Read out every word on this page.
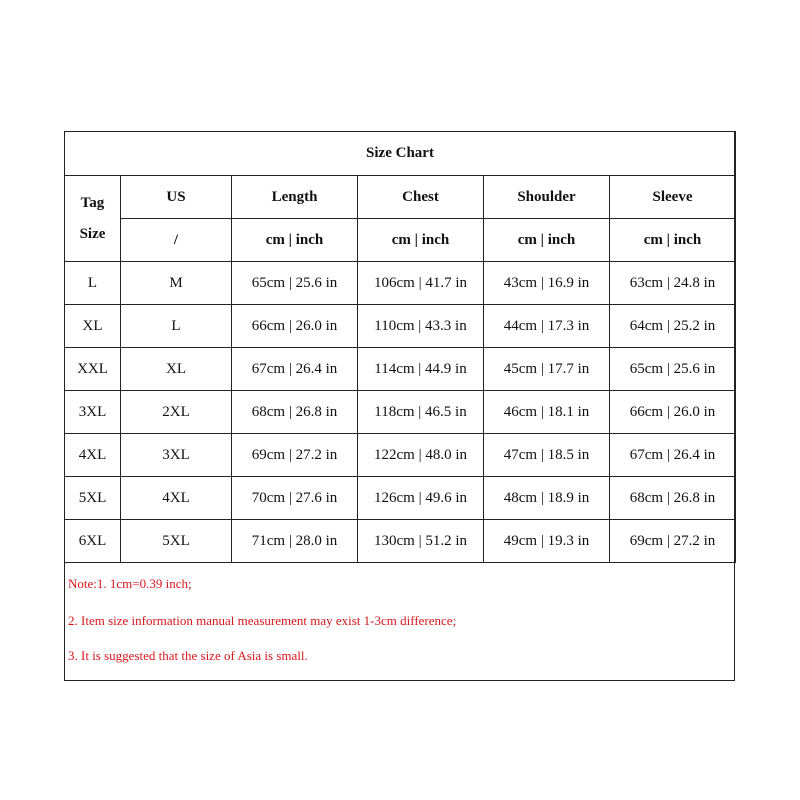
Size Chart					

Tag
Size	US	Length	Chest	Shoulder	Sleeve
	/	cm | inch	cm | inch	cm | inch	cm | inch
L	M	65cm | 25.6 in	106cm | 41.7 in	43cm | 16.9 in	63cm | 24.8 in
XL	L	66cm | 26.0 in	110cm | 43.3 in	44cm | 17.3 in	64cm | 25.2 in
XXL	XL	67cm | 26.4 in	114cm | 44.9 in	45cm | 17.7 in	65cm | 25.6 in
3XL	2XL	68cm | 26.8 in	118cm | 46.5 in	46cm | 18.1 in	66cm | 26.0 in
4XL	3XL	69cm | 27.2 in	122cm | 48.0 in	47cm | 18.5 in	67cm | 26.4 in
5XL	4XL	70cm | 27.6 in	126cm | 49.6 in	48cm | 18.9 in	68cm | 26.8 in
6XL	5XL	71cm | 28.0 in	130cm | 51.2 in	49cm | 19.3 in	69cm | 27.2 in
Note:1. 1cm=0.39 inch;
2. Item size information manual measurement may exist 1-3cm difference;
3. It is suggested that the size of Asia is small.
